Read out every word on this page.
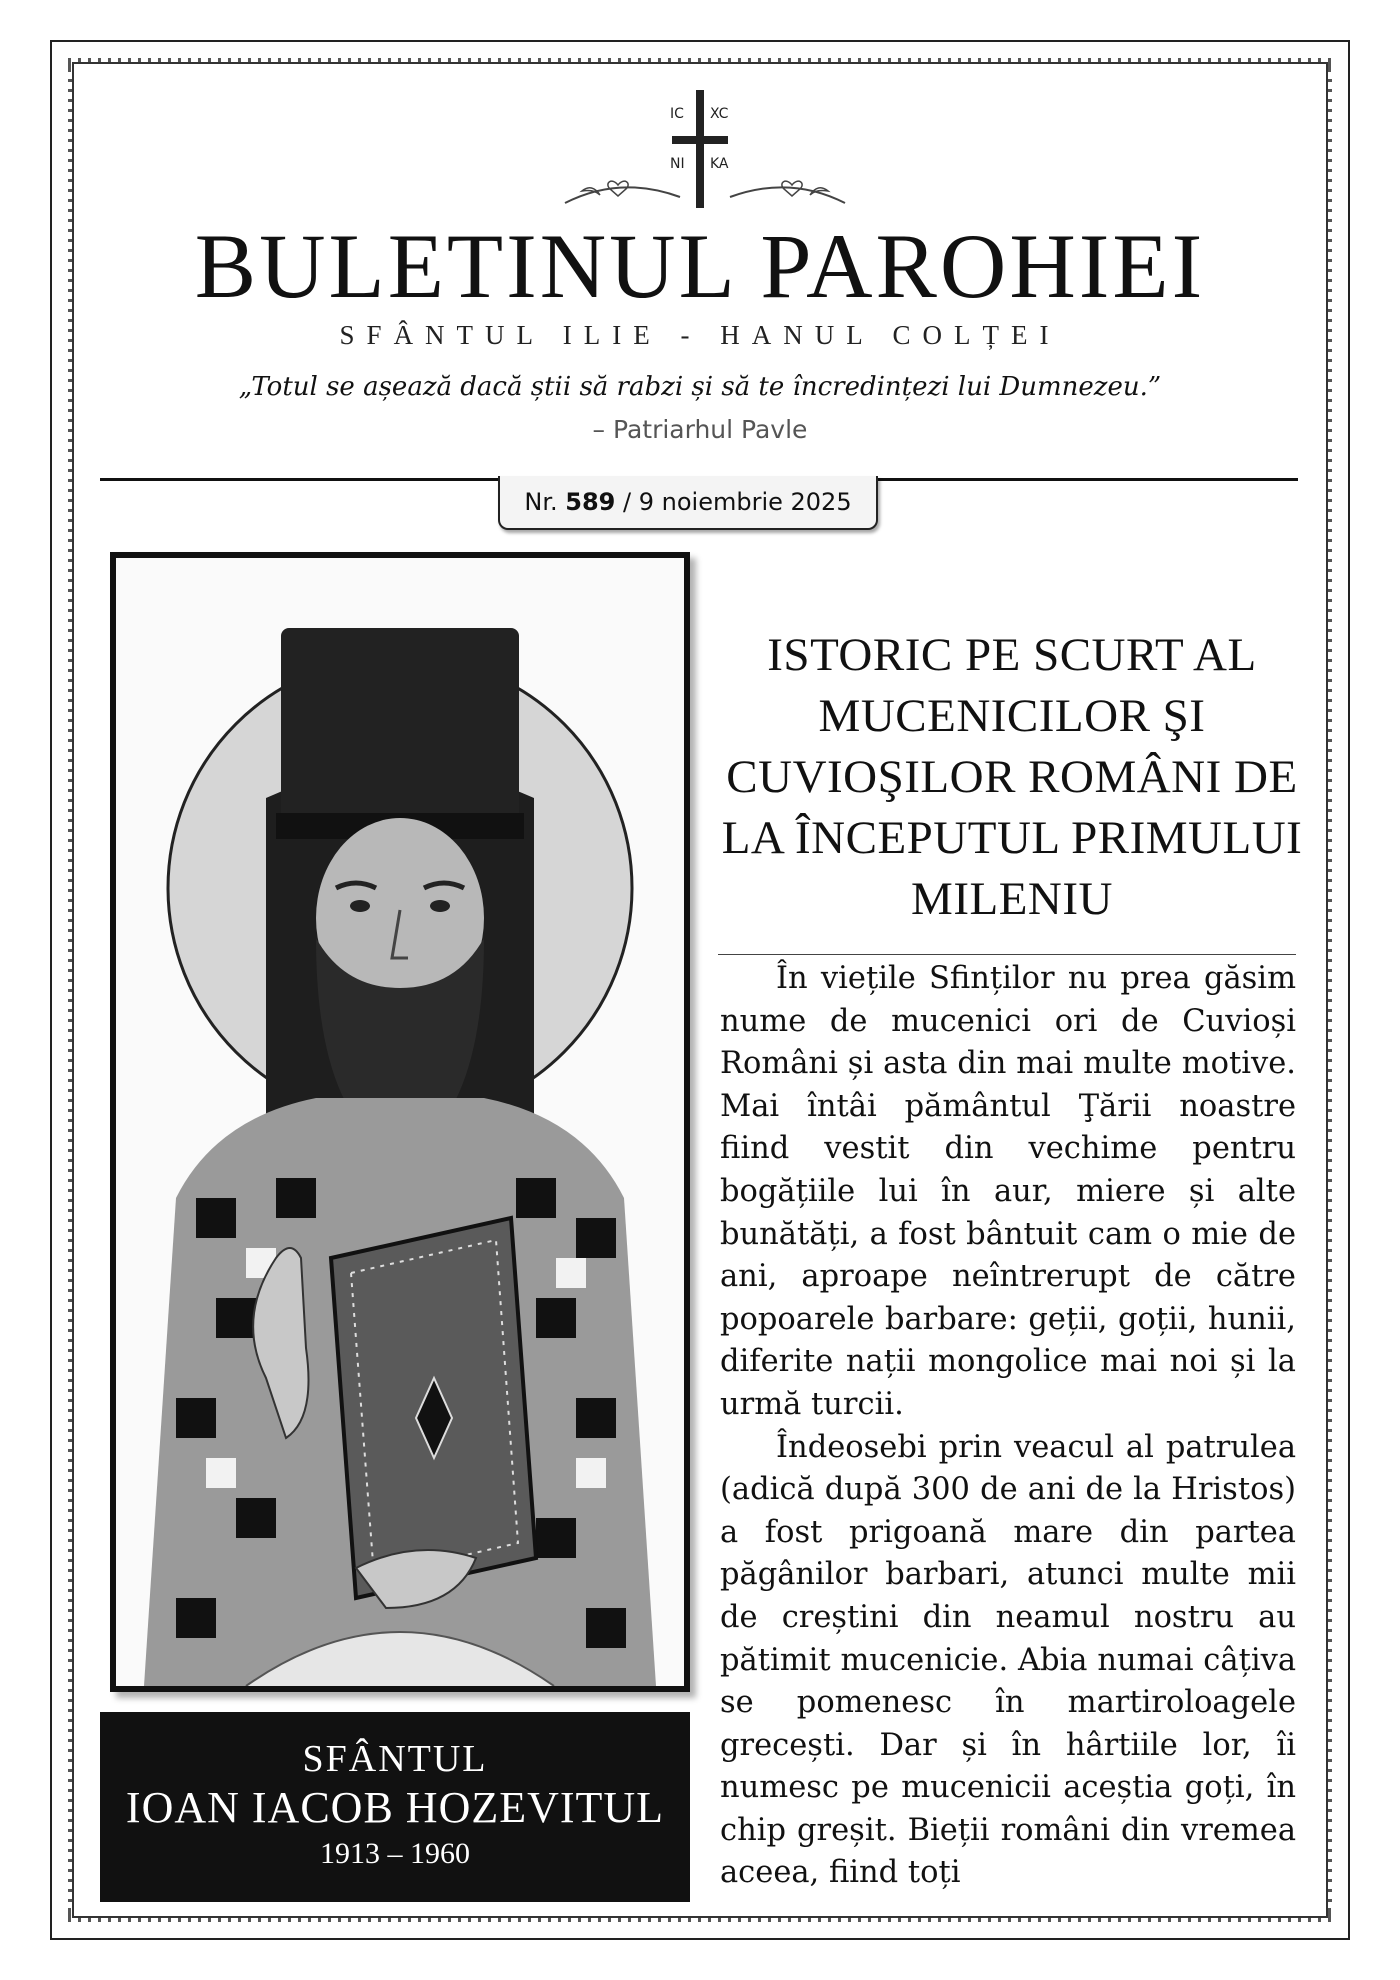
IC XC
NI KA
BULETINUL PAROHIEI
SFÂNTUL ILIE - HANUL COLȚEI
„Totul se așează dacă știi să rabzi și să te încredințezi lui Dumnezeu.”
– Patriarhul Pavle
Nr. 589 / 9 noiembrie 2025
SFÂNTUL
IOAN IACOB HOZEVITUL
1913 – 1960
ISTORIC PE SCURT AL MUCENICILOR ŞI CUVIOŞILOR ROMÂNI DE LA ÎNCEPUTUL PRIMULUI MILENIU

În viețile Sfinților nu prea găsim nume de mucenici ori de Cuvioși Români și asta din mai multe motive. Mai întâi pământul Ţării noastre fiind vestit din vechime pentru bogățiile lui în aur, miere și alte bunătăți, a fost bântuit cam o mie de ani, aproape neîntrerupt de către popoarele barbare: geții, goții, hunii, diferite nații mongolice mai noi și la urmă turcii.

Îndeosebi prin veacul al patrulea (adică după 300 de ani de la Hristos) a fost prigoană mare din partea păgânilor barbari, atunci multe mii de creștini din neamul nostru au pătimit mucenicie. Abia numai câțiva se pomenesc în martiroloagele grecești. Dar și în hârtiile lor, îi numesc pe mucenicii aceștia goți, în chip greșit. Bieții români din vremea aceea, fiind toți
